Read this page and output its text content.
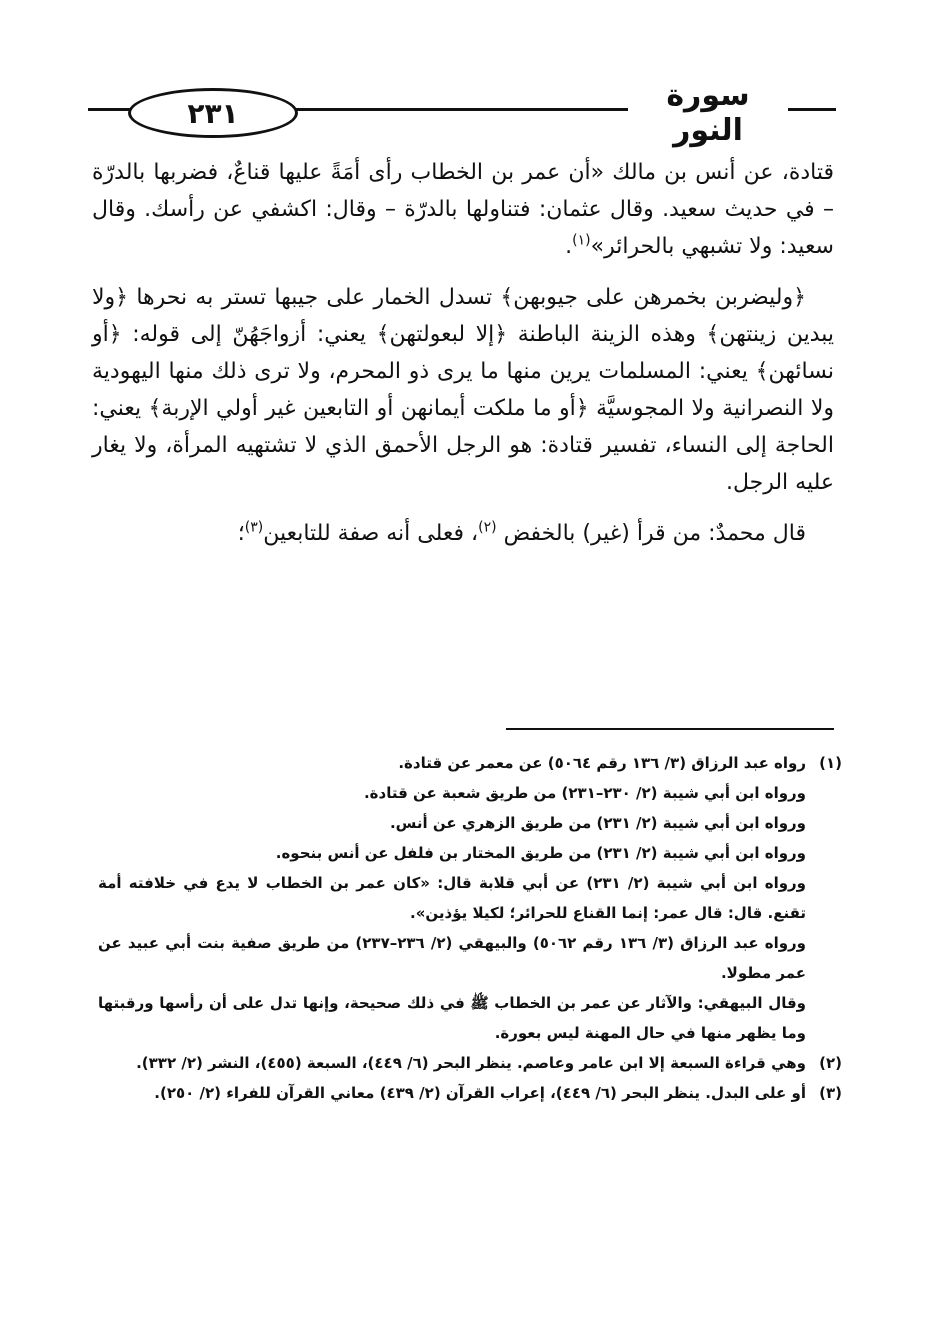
٢٣١	سورة النور

قتادة، عن أنس بن مالك «أن عمر بن الخطاب رأى أمَةً عليها قناعٌ، فضربها بالدرّة – في حديث سعيد. وقال عثمان: فتناولها بالدرّة – وقال: اكشفي عن رأسك. وقال سعيد: ولا تشبهي بالحرائر»$^{(١)}$.

﴿وليضربن بخمرهن على جيوبهن﴾ تسدل الخمار على جيبها تستر به نحرها ﴿ولا يبدين زينتهن﴾ وهذه الزينة الباطنة ﴿إلا لبعولتهن﴾ يعني: أزواجَهُنّ إلى قوله: ﴿أو نسائهن﴾ يعني: المسلمات يرين منها ما يرى ذو المحرم، ولا ترى ذلك منها اليهودية ولا النصرانية ولا المجوسيَّة ﴿أو ما ملكت أيمانهن أو التابعين غير أولي الإربة﴾ يعني: الحاجة إلى النساء، تفسير قتادة: هو الرجل الأحمق الذي لا تشتهيه المرأة، ولا يغار عليه الرجل.

قال محمدٌ: من قرأ (غير) بالخفض $^{(٢)}$، فعلى أنه صفة للتابعين$^{(٣)}$؛

(١)
رواه عبد الرزاق (٣/ ١٣٦ رقم ٥٠٦٤) عن معمر عن قتادة.
ورواه ابن أبي شيبة (٢/ ٢٣٠–٢٣١) من طريق شعبة عن قتادة.
ورواه ابن أبي شيبة (٢/ ٢٣١) من طريق الزهري عن أنس.
ورواه ابن أبي شيبة (٢/ ٢٣١) من طريق المختار بن فلفل عن أنس بنحوه.
ورواه ابن أبي شيبة (٢/ ٢٣١) عن أبي قلابة قال: «كان عمر بن الخطاب لا يدع في خلافته أمة تقنع. قال: قال عمر: إنما القناع للحرائر؛ لكيلا يؤذين».
ورواه عبد الرزاق (٣/ ١٣٦ رقم ٥٠٦٢) والبيهقي (٢/ ٢٣٦–٢٣٧) من طريق صفية بنت أبي عبيد عن عمر مطولا.
وقال البيهقي: والآثار عن عمر بن الخطاب ﷺ في ذلك صحيحة، وإنها تدل على أن رأسها ورقبتها وما يظهر منها في حال المهنة ليس بعورة.
(٢)
وهي قراءة السبعة إلا ابن عامر وعاصم. ينظر البحر (٦/ ٤٤٩)، السبعة (٤٥٥)، النشر (٢/ ٣٣٢).
(٣)
أو على البدل. ينظر البحر (٦/ ٤٤٩)، إعراب القرآن (٢/ ٤٣٩) معاني القرآن للفراء (٢/ ٢٥٠).
